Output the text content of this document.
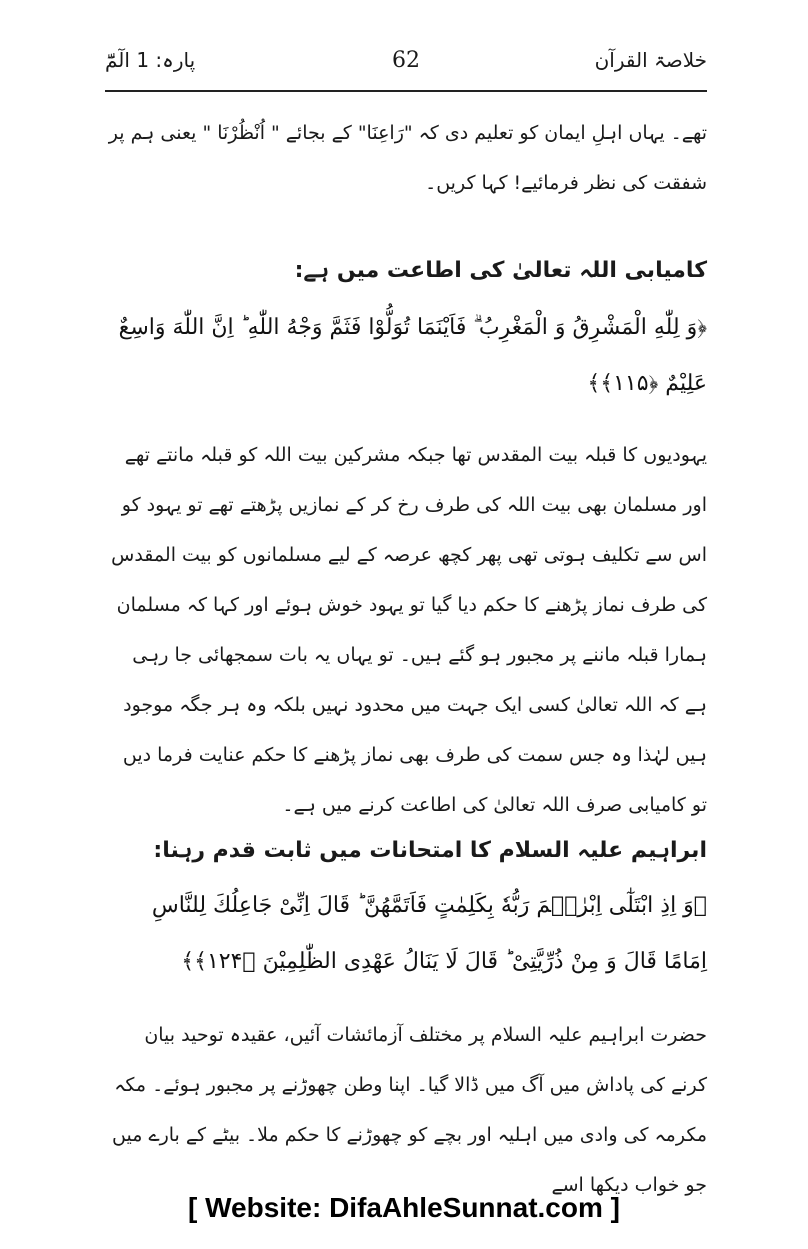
پارہ: 1 الٓمّٓ	62	خلاصۃ القرآن
تھے۔ یہاں اہلِ ایمان کو تعلیم دی کہ "رَاعِنَا" کے بجائے " اُنْظُرْنَا " یعنی ہم پر شفقت کی نظر فرمائیے! کہا کریں۔
کامیابی اللہ تعالیٰ کی اطاعت میں ہے:
﴿وَ لِلّٰهِ الْمَشْرِقُ وَ الْمَغْرِبُ ۗ فَاَيْنَمَا تُوَلُّوْا فَثَمَّ وَجْهُ اللّٰهِ ؕ اِنَّ اللّٰهَ وَاسِعٌ عَلِيْمٌ ﴿۱۱۵﴾﴾
یہودیوں کا قبلہ بیت المقدس تھا جبکہ مشرکین بیت اللہ کو قبلہ مانتے تھے اور مسلمان بھی بیت اللہ کی طرف رخ کر کے نمازیں پڑھتے تھے تو یہود کو اس سے تکلیف ہوتی تھی پھر کچھ عرصہ کے لیے مسلمانوں کو بیت المقدس کی طرف نماز پڑھنے کا حکم دیا گیا تو یہود خوش ہوئے اور کہا کہ مسلمان ہمارا قبلہ ماننے پر مجبور ہو گئے ہیں۔ تو یہاں یہ بات سمجھائی جا رہی ہے کہ اللہ تعالیٰ کسی ایک جہت میں محدود نہیں بلکہ وہ ہر جگہ موجود ہیں لہٰذا وہ جس سمت کی طرف بھی نماز پڑھنے کا حکم عنایت فرما دیں تو کامیابی صرف اللہ تعالیٰ کی اطاعت کرنے میں ہے۔
ابراہیم علیہ السلام کا امتحانات میں ثابت قدم رہنا:
﴿وَ اِذِ ابْتَلٰٓى اِبْرٰهٖمَ رَبُّهٗ بِكَلِمٰتٍ فَاَتَمَّهُنَّ ؕ قَالَ اِنِّىْ جَاعِلُكَ لِلنَّاسِ اِمَامًا قَالَ وَ مِنْ ذُرِّيَّتِىْ ؕ قَالَ لَا يَنَالُ عَهْدِى الظّٰلِمِيْنَ ﴿۱۲۴﴾﴾
حضرت ابراہیم علیہ السلام پر مختلف آزمائشات آئیں، عقیدہ توحید بیان کرنے کی پاداش میں آگ میں ڈالا گیا۔ اپنا وطن چھوڑنے پر مجبور ہوئے۔ مکہ مکرمہ کی وادی میں اہلیہ اور بچے کو چھوڑنے کا حکم ملا۔ بیٹے کے بارے میں جو خواب دیکھا اسے
[ Website: DifaAhleSunnat.com ]
